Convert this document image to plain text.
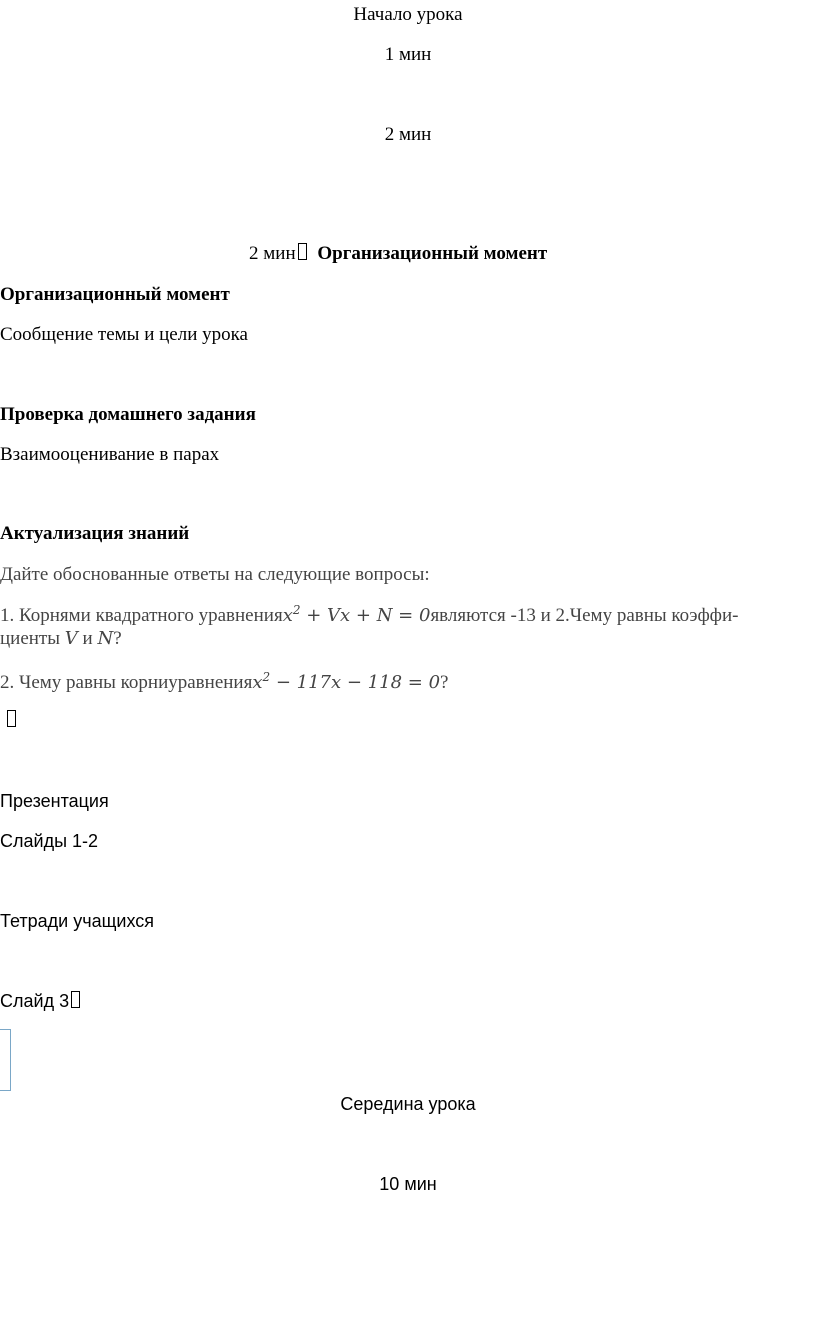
Начало урока
1 мин
2 мин
2 мин Организационный момент
Организационный момент
Сообщение темы и цели урока
Проверка домашнего задания
Взаимооценивание в парах
Актуализация знаний
Дайте обоснованные ответы на следующие вопросы:
1. Корнями квадратного уравненияx$^2$ + Vx + N = 0являются -13 и 2.Чему равны коэффи-
циенты V и N?
2. Чему равны корниуравненияx$^2$ − 117x − 118 = 0?
Презентация
Слайды 1-2
Тетради учащихся
Слайд 3
Середина урока
10 мин
